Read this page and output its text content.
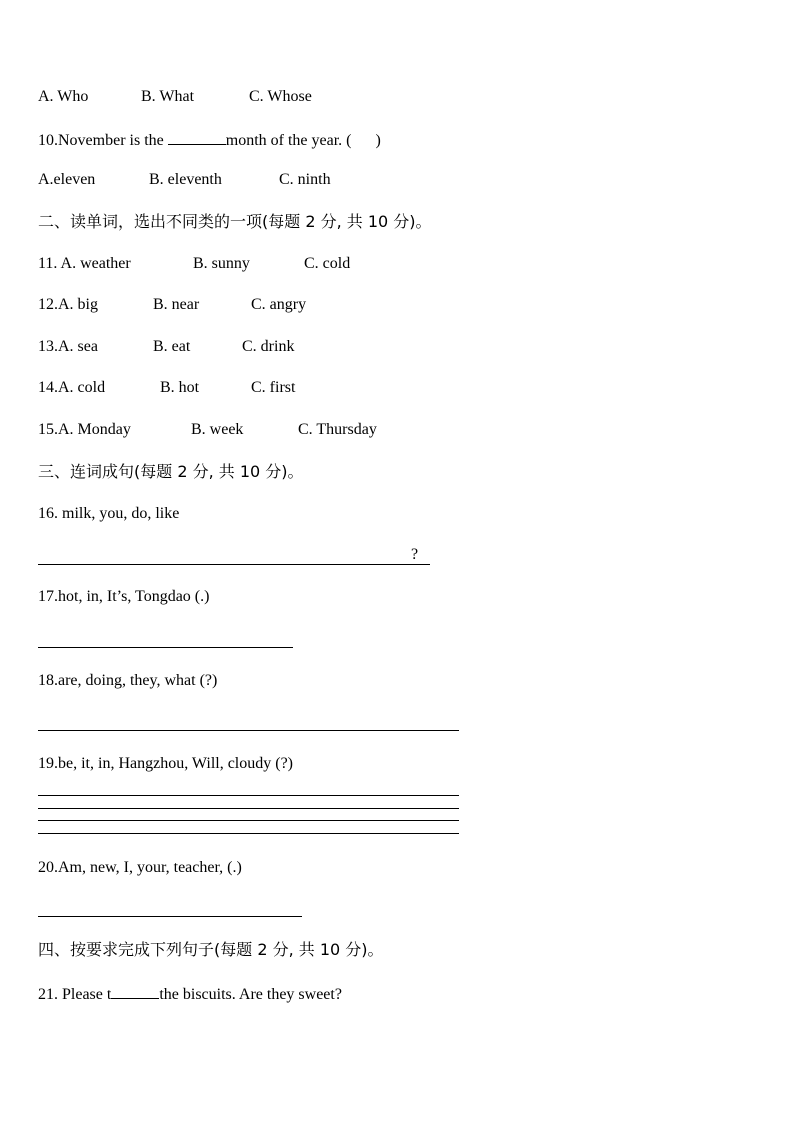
A. Who	B. What	C. Whose
10.November is the	month of the year. (      )
A.eleven	B. eleventh	C. ninth
二、读单词，选出不同类的一项(每题 2 分, 共 10 分)。
11. A. weather	B. sunny	C. cold
12.A. big	B. near	C. angry
13.A. sea	B. eat	C. drink
14.A. cold	B. hot	C. first
15.A. Monday	B. week	C. Thursday
三、连词成句(每题 2 分, 共 10 分)。
16. milk, you, do, like
?
17.hot, in, It’s, Tongdao (.)
18.are, doing, they, what (?)
19.be, it, in, Hangzhou, Will, cloudy (?)
20.Am, new, I, your, teacher, (.)
四、按要求完成下列句子(每题 2 分, 共 10 分)。
21. Please t	the biscuits. Are they sweet?
